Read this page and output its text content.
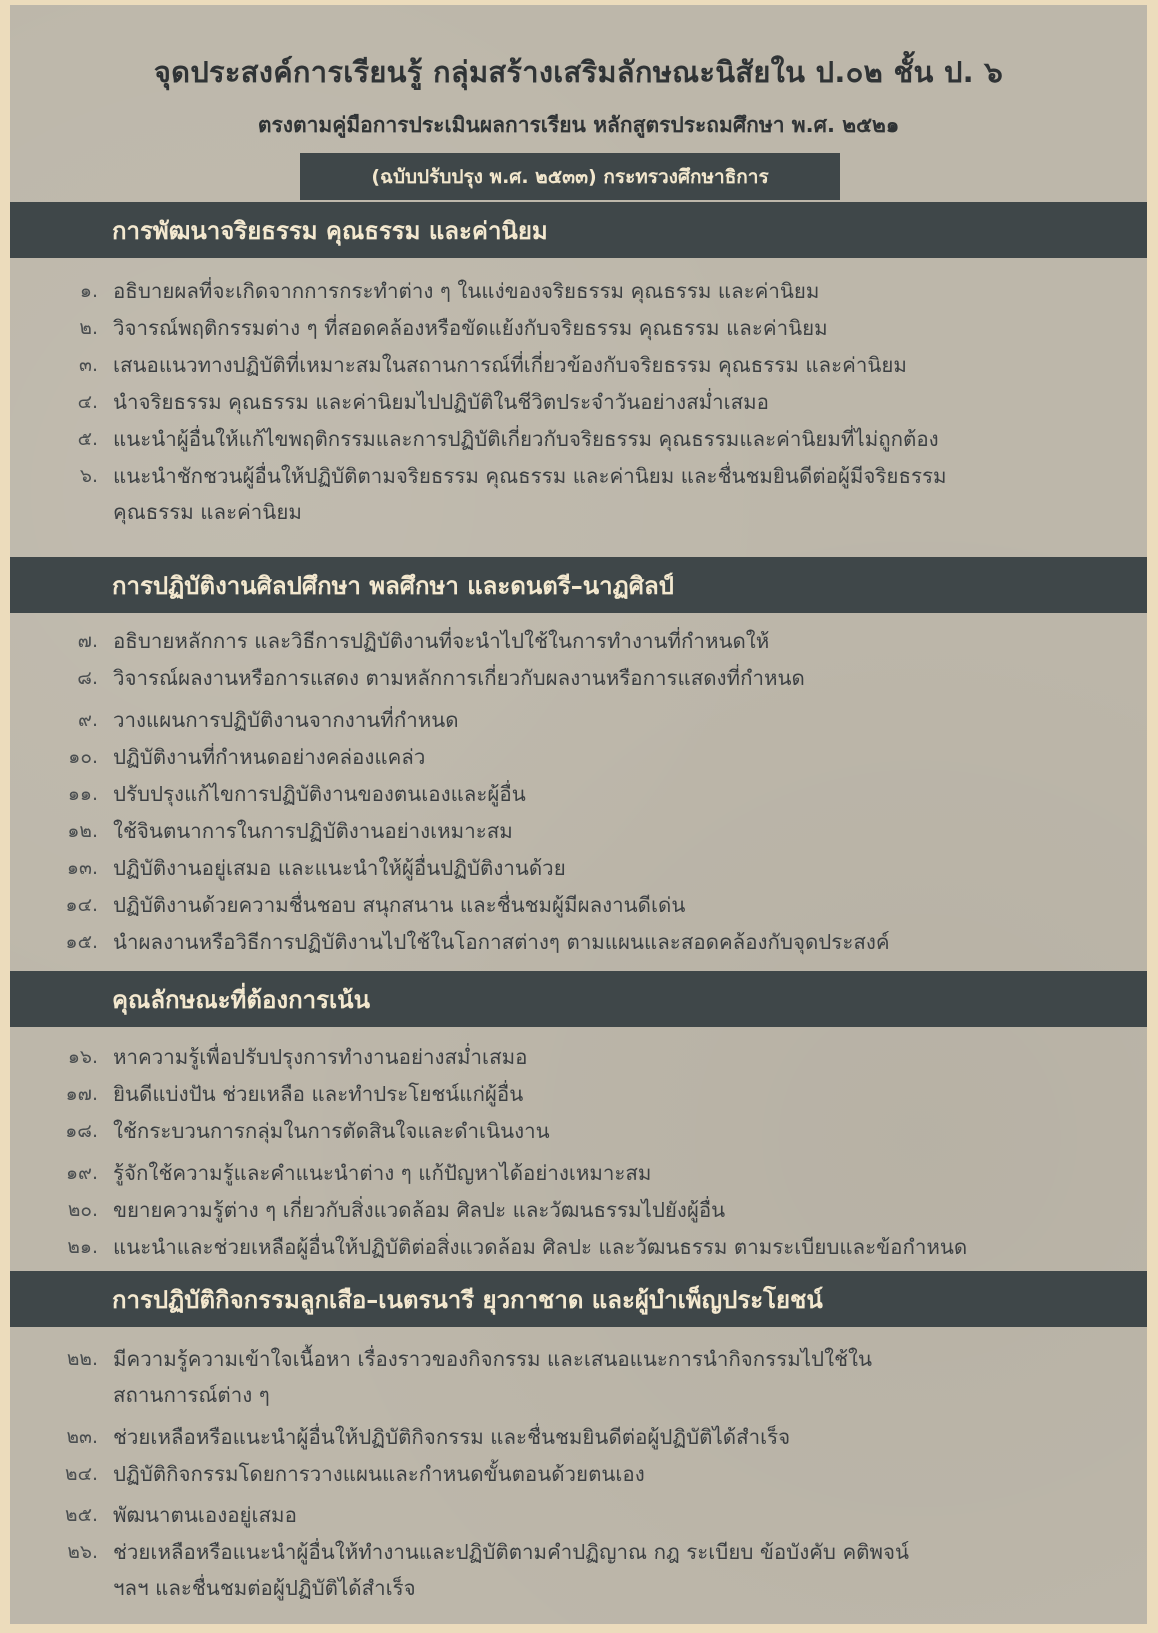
จุดประสงค์การเรียนรู้ กลุ่มสร้างเสริมลักษณะนิสัยใน ป.๐๒ ชั้น ป. ๖
ตรงตามคู่มือการประเมินผลการเรียน หลักสูตรประถมศึกษา พ.ศ. ๒๕๒๑
(ฉบับปรับปรุง พ.ศ. ๒๕๓๓) กระทรวงศึกษาธิการ
การพัฒนาจริยธรรม คุณธรรม และค่านิยม
๑. อธิบายผลที่จะเกิดจากการกระทำต่าง ๆ ในแง่ของจริยธรรม คุณธรรม และค่านิยม
๒. วิจารณ์พฤติกรรมต่าง ๆ ที่สอดคล้องหรือขัดแย้งกับจริยธรรม คุณธรรม และค่านิยม
๓. เสนอแนวทางปฏิบัติที่เหมาะสมในสถานการณ์ที่เกี่ยวข้องกับจริยธรรม คุณธรรม และค่านิยม
๔. นำจริยธรรม คุณธรรม และค่านิยมไปปฏิบัติในชีวิตประจำวันอย่างสม่ำเสมอ
๕. แนะนำผู้อื่นให้แก้ไขพฤติกรรมและการปฏิบัติเกี่ยวกับจริยธรรม คุณธรรมและค่านิยมที่ไม่ถูกต้อง
๖. แนะนำชักชวนผู้อื่นให้ปฏิบัติตามจริยธรรม คุณธรรม และค่านิยม และชื่นชมยินดีต่อผู้มีจริยธรรม
คุณธรรม และค่านิยม
การปฏิบัติงานศิลปศึกษา พลศึกษา และดนตรี–นาฏศิลป์
๗. อธิบายหลักการ และวิธีการปฏิบัติงานที่จะนำไปใช้ในการทำงานที่กำหนดให้
๘. วิจารณ์ผลงานหรือการแสดง ตามหลักการเกี่ยวกับผลงานหรือการแสดงที่กำหนด
๙. วางแผนการปฏิบัติงานจากงานที่กำหนด
๑๐. ปฏิบัติงานที่กำหนดอย่างคล่องแคล่ว
๑๑. ปรับปรุงแก้ไขการปฏิบัติงานของตนเองและผู้อื่น
๑๒. ใช้จินตนาการในการปฏิบัติงานอย่างเหมาะสม
๑๓. ปฏิบัติงานอยู่เสมอ และแนะนำให้ผู้อื่นปฏิบัติงานด้วย
๑๔. ปฏิบัติงานด้วยความชื่นชอบ สนุกสนาน และชื่นชมผู้มีผลงานดีเด่น
๑๕. นำผลงานหรือวิธีการปฏิบัติงานไปใช้ในโอกาสต่างๆ ตามแผนและสอดคล้องกับจุดประสงค์
คุณลักษณะที่ต้องการเน้น
๑๖. หาความรู้เพื่อปรับปรุงการทำงานอย่างสม่ำเสมอ
๑๗. ยินดีแบ่งปัน ช่วยเหลือ และทำประโยชน์แก่ผู้อื่น
๑๘. ใช้กระบวนการกลุ่มในการตัดสินใจและดำเนินงาน
๑๙. รู้จักใช้ความรู้และคำแนะนำต่าง ๆ แก้ปัญหาได้อย่างเหมาะสม
๒๐. ขยายความรู้ต่าง ๆ เกี่ยวกับสิ่งแวดล้อม ศิลปะ และวัฒนธรรมไปยังผู้อื่น
๒๑. แนะนำและช่วยเหลือผู้อื่นให้ปฏิบัติต่อสิ่งแวดล้อม ศิลปะ และวัฒนธรรม ตามระเบียบและข้อกำหนด
การปฏิบัติกิจกรรมลูกเสือ–เนตรนารี ยุวกาชาด และผู้บำเพ็ญประโยชน์
๒๒. มีความรู้ความเข้าใจเนื้อหา เรื่องราวของกิจกรรม และเสนอแนะการนำกิจกรรมไปใช้ใน
สถานการณ์ต่าง ๆ
๒๓. ช่วยเหลือหรือแนะนำผู้อื่นให้ปฏิบัติกิจกรรม และชื่นชมยินดีต่อผู้ปฏิบัติได้สำเร็จ
๒๔. ปฏิบัติกิจกรรมโดยการวางแผนและกำหนดขั้นตอนด้วยตนเอง
๒๕. พัฒนาตนเองอยู่เสมอ
๒๖. ช่วยเหลือหรือแนะนำผู้อื่นให้ทำงานและปฏิบัติตามคำปฏิญาณ กฎ ระเบียบ ข้อบังคับ คติพจน์
ฯลฯ และชื่นชมต่อผู้ปฏิบัติได้สำเร็จ
